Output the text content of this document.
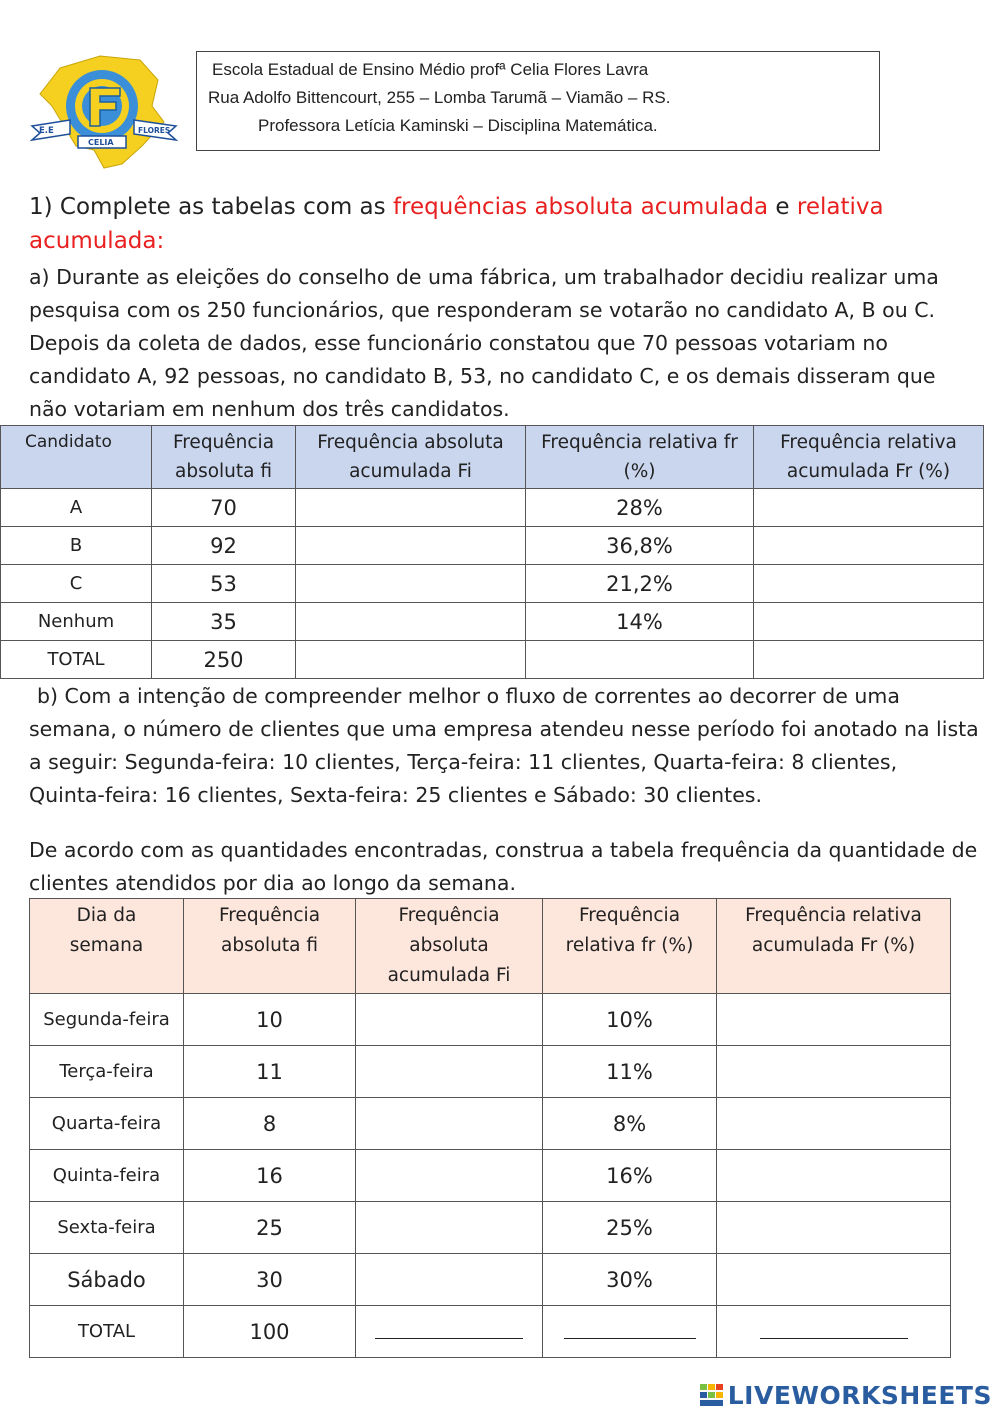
E.E	FLORES
CELIA
Escola Estadual de Ensino Médio profª Celia Flores Lavra
Rua Adolfo Bittencourt, 255 – Lomba Tarumã – Viamão – RS.
Professora Letícia Kaminski – Disciplina Matemática.
1) Complete as tabelas com as frequências absoluta acumulada e relativa acumulada:
a) Durante as eleições do conselho de uma fábrica, um trabalhador decidiu realizar uma pesquisa com os 250 funcionários, que responderam se votarão no candidato A, B ou C. Depois da coleta de dados, esse funcionário constatou que 70 pessoas votariam no candidato A, 92 pessoas, no candidato B, 53, no candidato C, e os demais disseram que não votariam em nenhum dos três candidatos.
Candidato	Frequência absoluta fi	Frequência absoluta acumulada Fi	Frequência relativa fr (%)	Frequência relativa acumulada Fr (%)
A	70		28%	
B	92		36,8%	
C	53		21,2%	
Nenhum	35		14%	
TOTAL	250			
b) Com a intenção de compreender melhor o fluxo de correntes ao decorrer de uma semana, o número de clientes que uma empresa atendeu nesse período foi anotado na lista a seguir: Segunda-feira: 10 clientes, Terça-feira: 11 clientes, Quarta-feira: 8 clientes, Quinta-feira: 16 clientes, Sexta-feira: 25 clientes e Sábado: 30 clientes.
De acordo com as quantidades encontradas, construa a tabela frequência da quantidade de clientes atendidos por dia ao longo da semana.
Dia da semana	Frequência absoluta fi	Frequência absoluta acumulada Fi	Frequência relativa fr (%)	Frequência relativa acumulada Fr (%)
Segunda-feira	10		10%	
Terça-feira	11		11%	
Quarta-feira	8		8%	
Quinta-feira	16		16%	
Sexta-feira	25		25%	
Sábado	30		30%	
TOTAL	100			
LIVEWORKSHEETS
